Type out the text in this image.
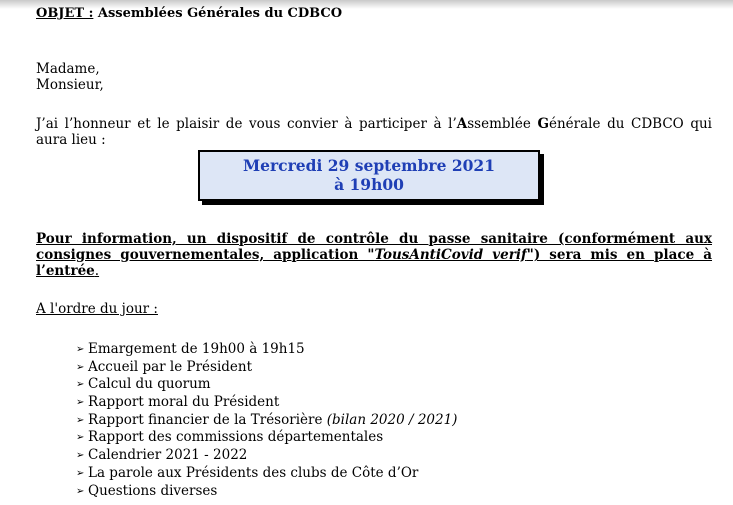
OBJET : Assemblées Générales du CDBCO
Madame,
Monsieur,
J’ai l’honneur et le plaisir de vous convier à participer à l’Assemblée Générale du CDBCO qui aura lieu :
Mercredi 29 septembre 2021
à 19h00
Pour information, un dispositif de contrôle du passe sanitaire (conformément aux consignes gouvernementales, application "TousAntiCovid verif") sera mis en place à l’entrée.
A l'ordre du jour :
➢ Emargement de 19h00 à 19h15
➢ Accueil par le Président
➢ Calcul du quorum
➢ Rapport moral du Président
➢ Rapport financier de la Trésorière (bilan 2020 / 2021)
➢ Rapport des commissions départementales
➢ Calendrier 2021 - 2022
➢ La parole aux Présidents des clubs de Côte d’Or
➢ Questions diverses
